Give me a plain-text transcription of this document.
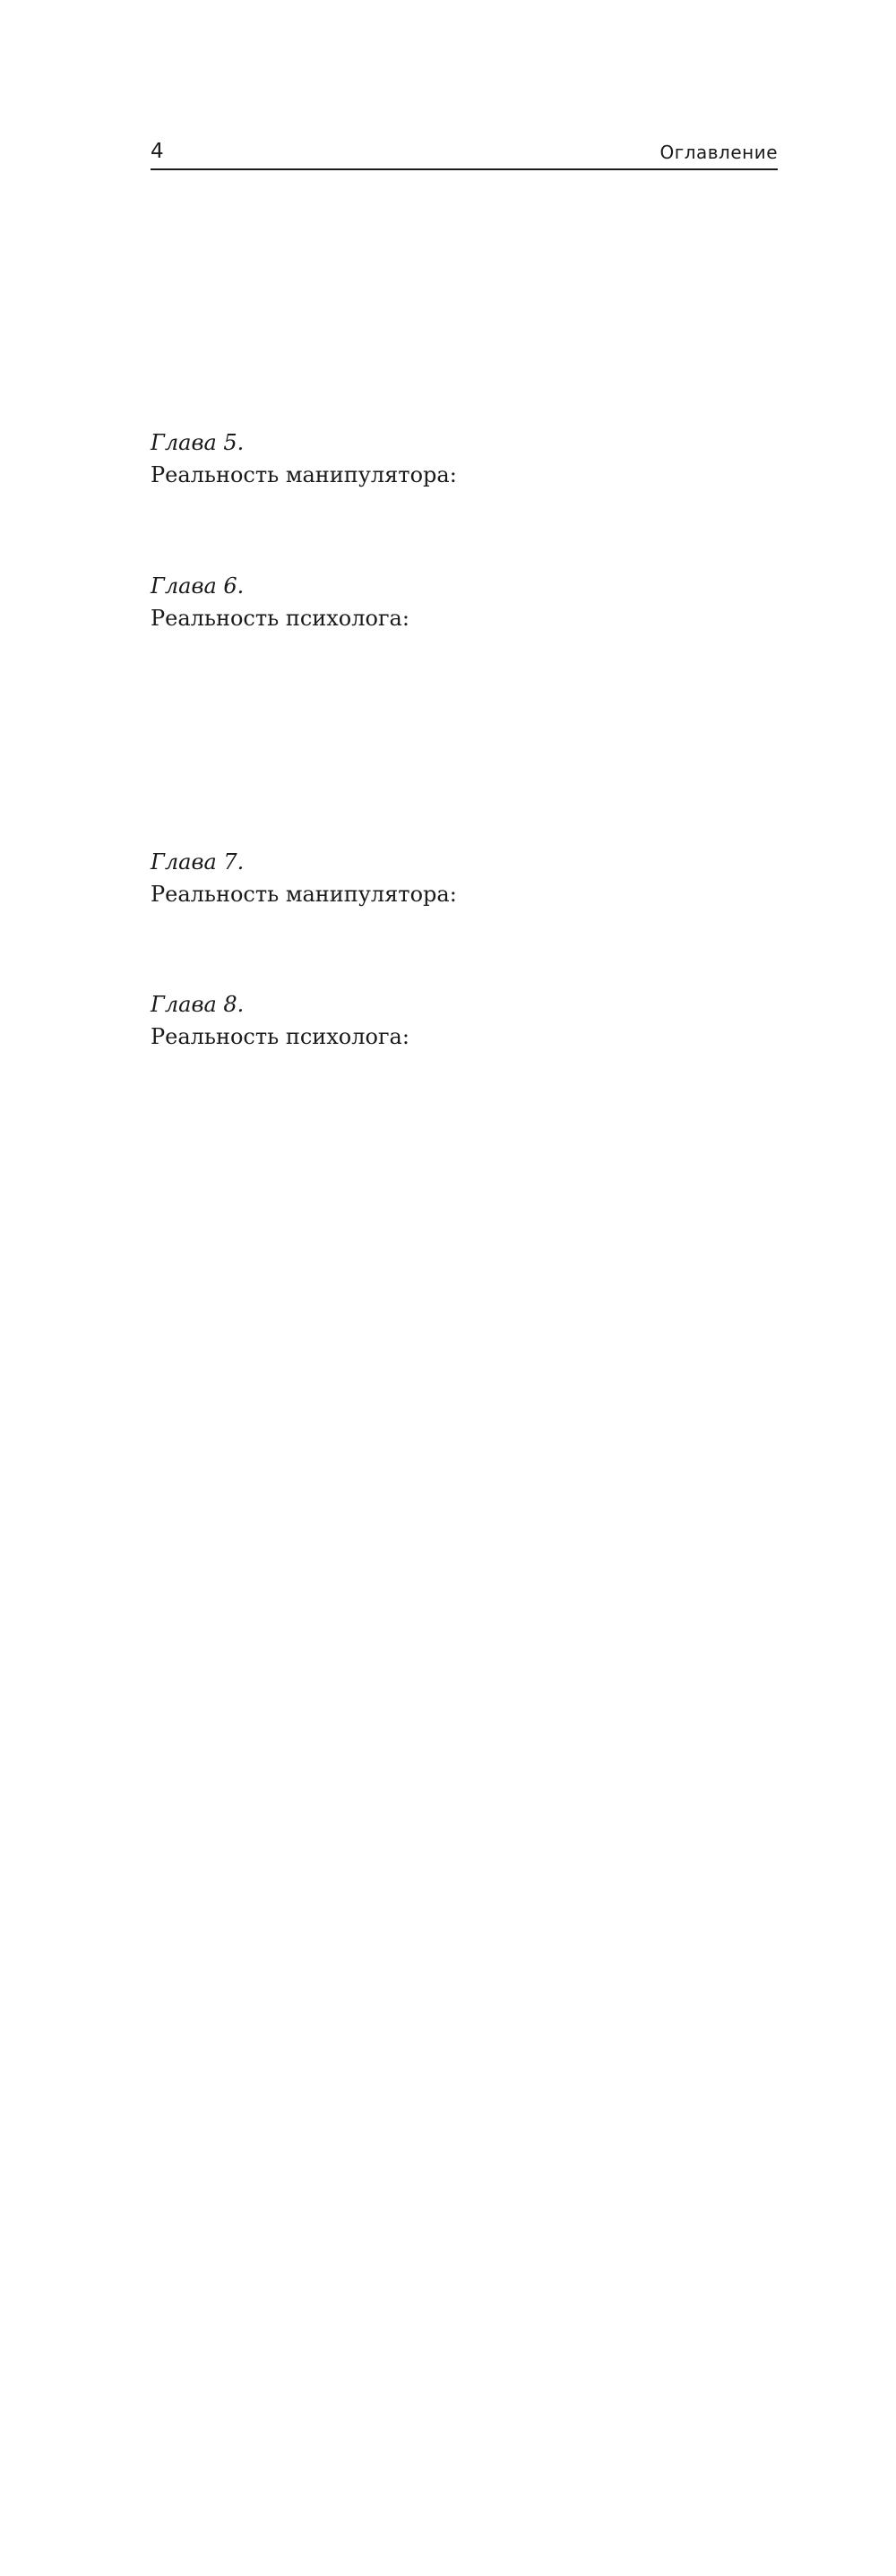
4	Оглавление
Глава 5.
Реальность манипулятора:
Глава 6.
Реальность психолога:
Глава 7.
Реальность манипулятора:
Глава 8.
Реальность психолога:
